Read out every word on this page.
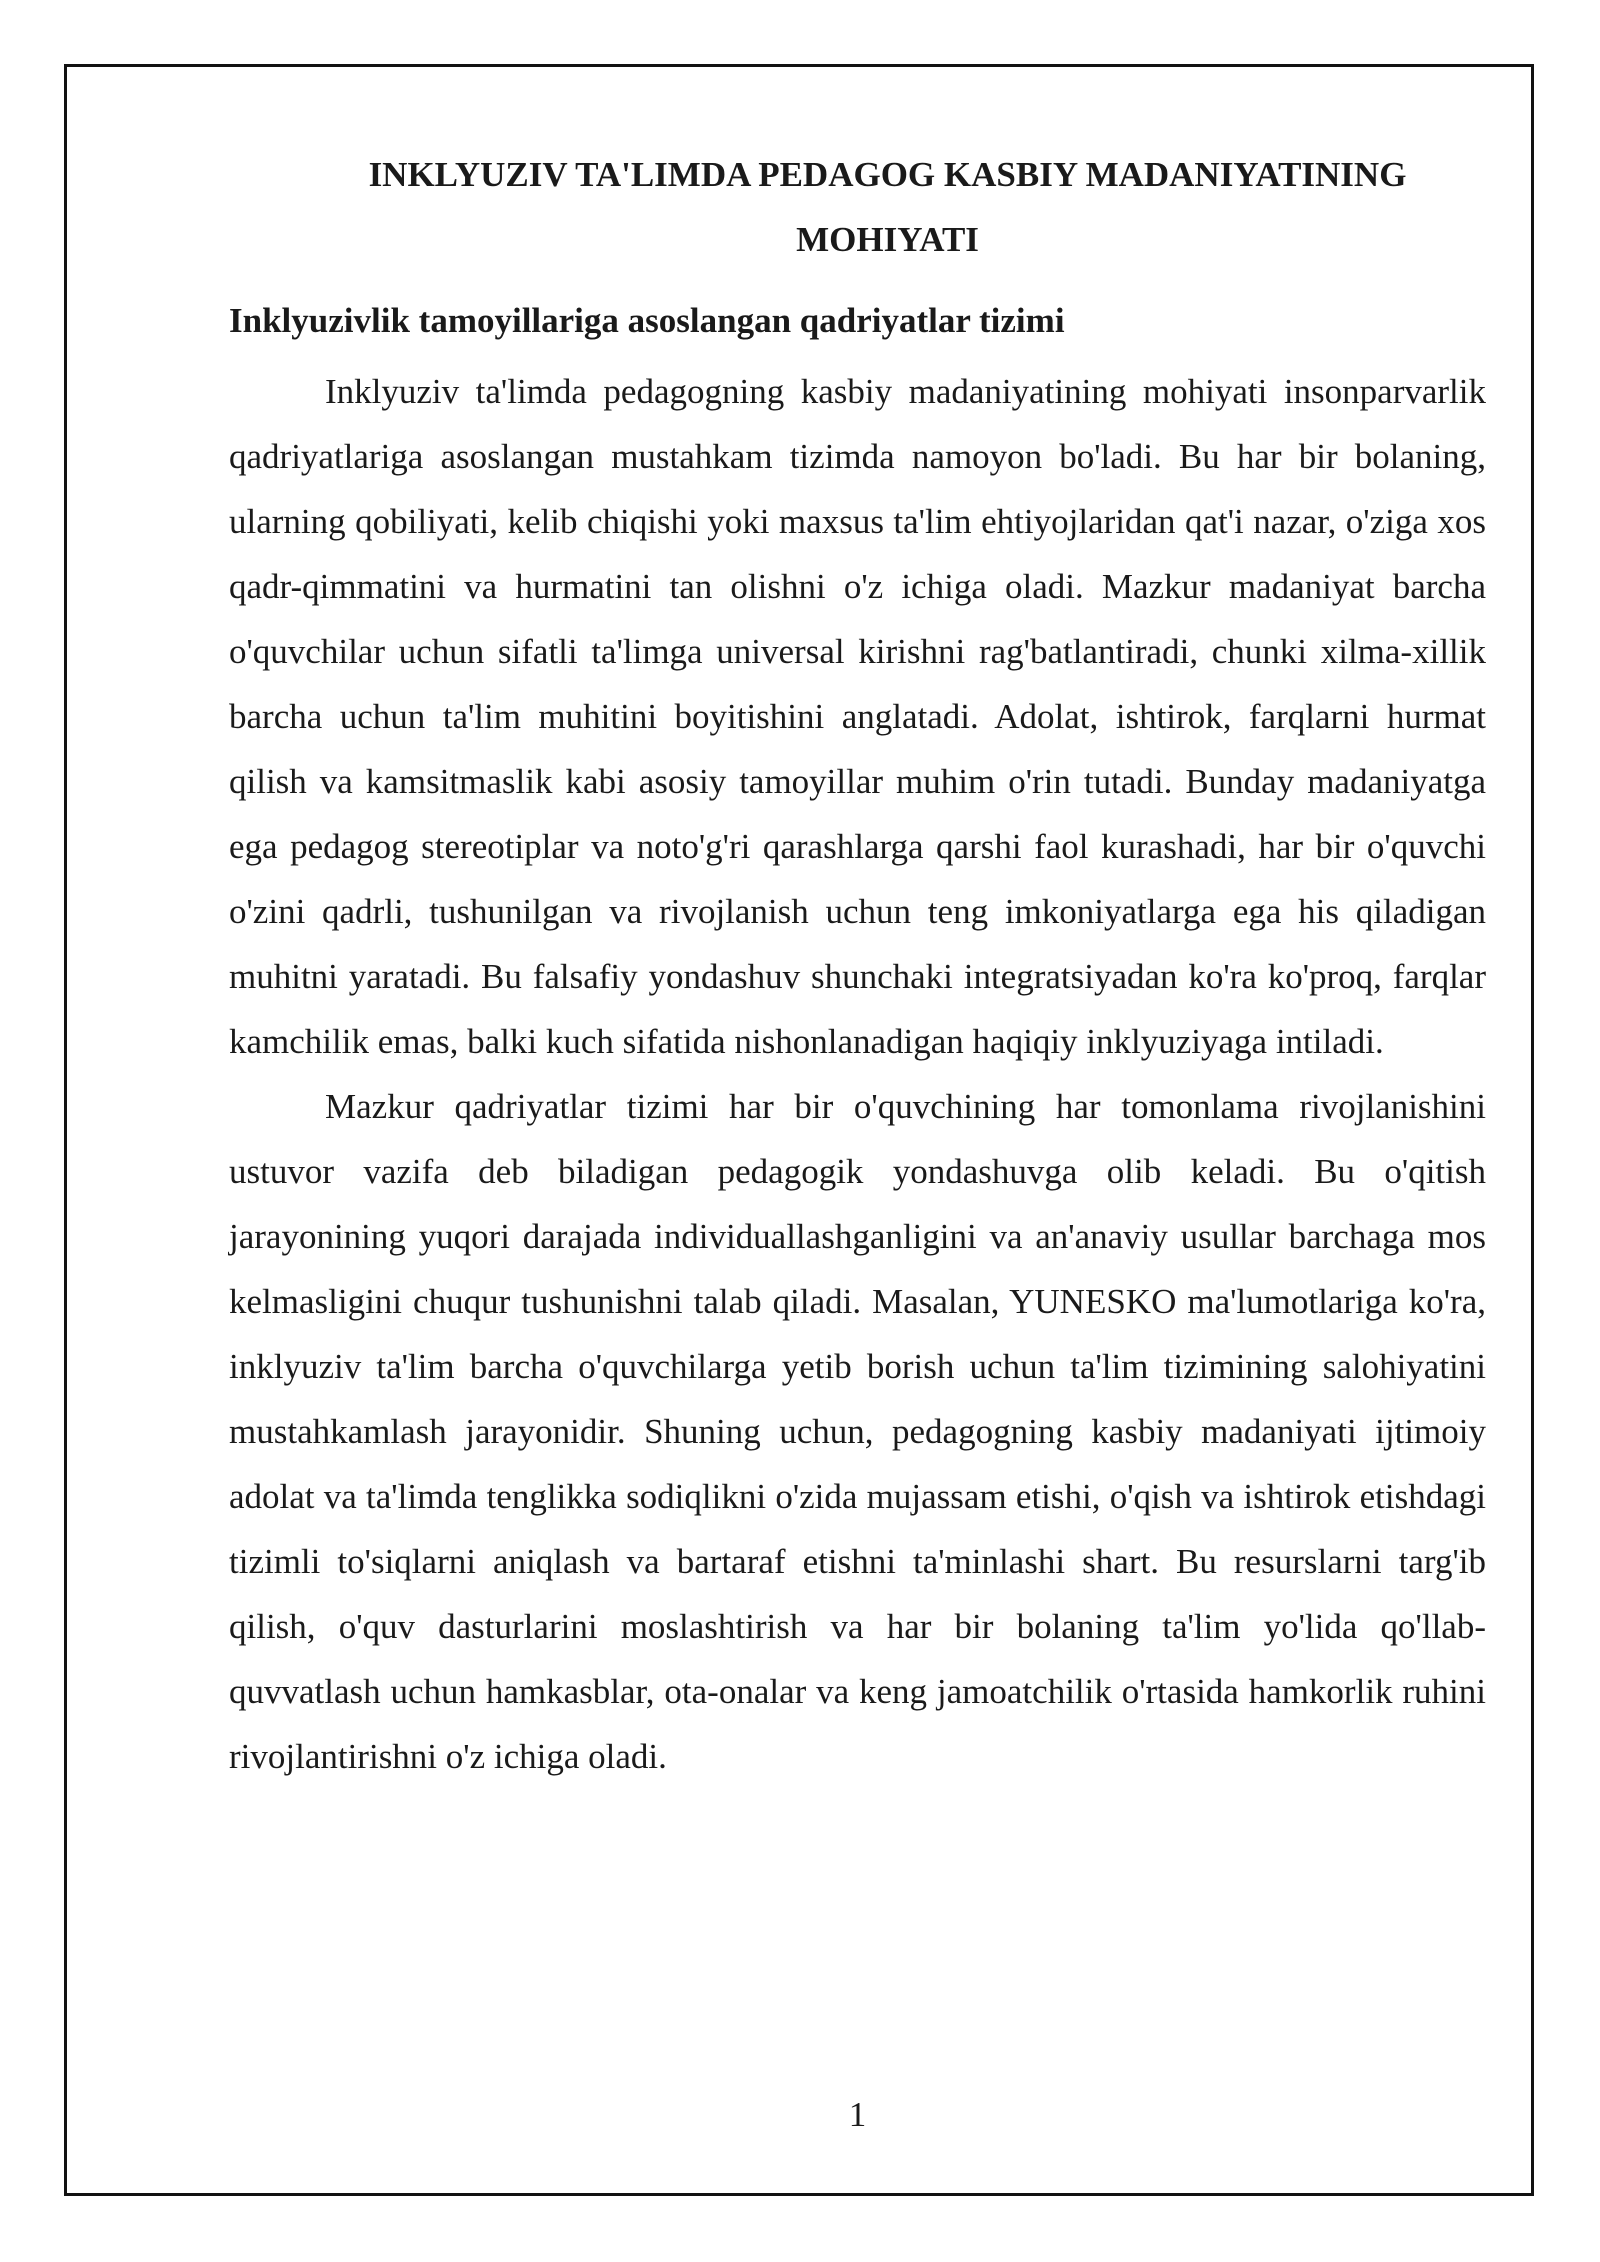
INKLYUZIV TA'LIMDA PEDAGOG KASBIY MADANIYATINING MOHIYATI
Inklyuzivlik tamoyillariga asoslangan qadriyatlar tizimi

Inklyuziv ta'limda pedagogning kasbiy madaniyatining mohiyati insonparvarlik qadriyatlariga asoslangan mustahkam tizimda namoyon bo'ladi. Bu har bir bolaning, ularning qobiliyati, kelib chiqishi yoki maxsus ta'lim ehtiyojlaridan qat'i nazar, o'ziga xos qadr-qimmatini va hurmatini tan olishni o'z ichiga oladi. Mazkur madaniyat barcha o'quvchilar uchun sifatli ta'limga universal kirishni rag'batlantiradi, chunki xilma-xillik barcha uchun ta'lim muhitini boyitishini anglatadi. Adolat, ishtirok, farqlarni hurmat qilish va kamsitmaslik kabi asosiy tamoyillar muhim o'rin tutadi. Bunday madaniyatga ega pedagog stereotiplar va noto'g'ri qarashlarga qarshi faol kurashadi, har bir o'quvchi o'zini qadrli, tushunilgan va rivojlanish uchun teng imkoniyatlarga ega his qiladigan muhitni yaratadi. Bu falsafiy yondashuv shunchaki integratsiyadan ko'ra ko'proq, farqlar kamchilik emas, balki kuch sifatida nishonlanadigan haqiqiy inklyuziyaga intiladi.

Mazkur qadriyatlar tizimi har bir o'quvchining har tomonlama rivojlanishini ustuvor vazifa deb biladigan pedagogik yondashuvga olib keladi. Bu o'qitish jarayonining yuqori darajada individuallashganligini va an'anaviy usullar barchaga mos kelmasligini chuqur tushunishni talab qiladi. Masalan, YUNESKO ma'lumotlariga ko'ra, inklyuziv ta'lim barcha o'quvchilarga yetib borish uchun ta'lim tizimining salohiyatini mustahkamlash jarayonidir. Shuning uchun, pedagogning kasbiy madaniyati ijtimoiy adolat va ta'limda tenglikka sodiqlikni o'zida mujassam etishi, o'qish va ishtirok etishdagi tizimli to'siqlarni aniqlash va bartaraf etishni ta'minlashi shart. Bu resurslarni targ'ib qilish, o'quv dasturlarini moslashtirish va har bir bolaning ta'lim yo'lida qo'llab-quvvatlash uchun hamkasblar, ota-onalar va keng jamoatchilik o'rtasida hamkorlik ruhini rivojlantirishni o'z ichiga oladi.

1
